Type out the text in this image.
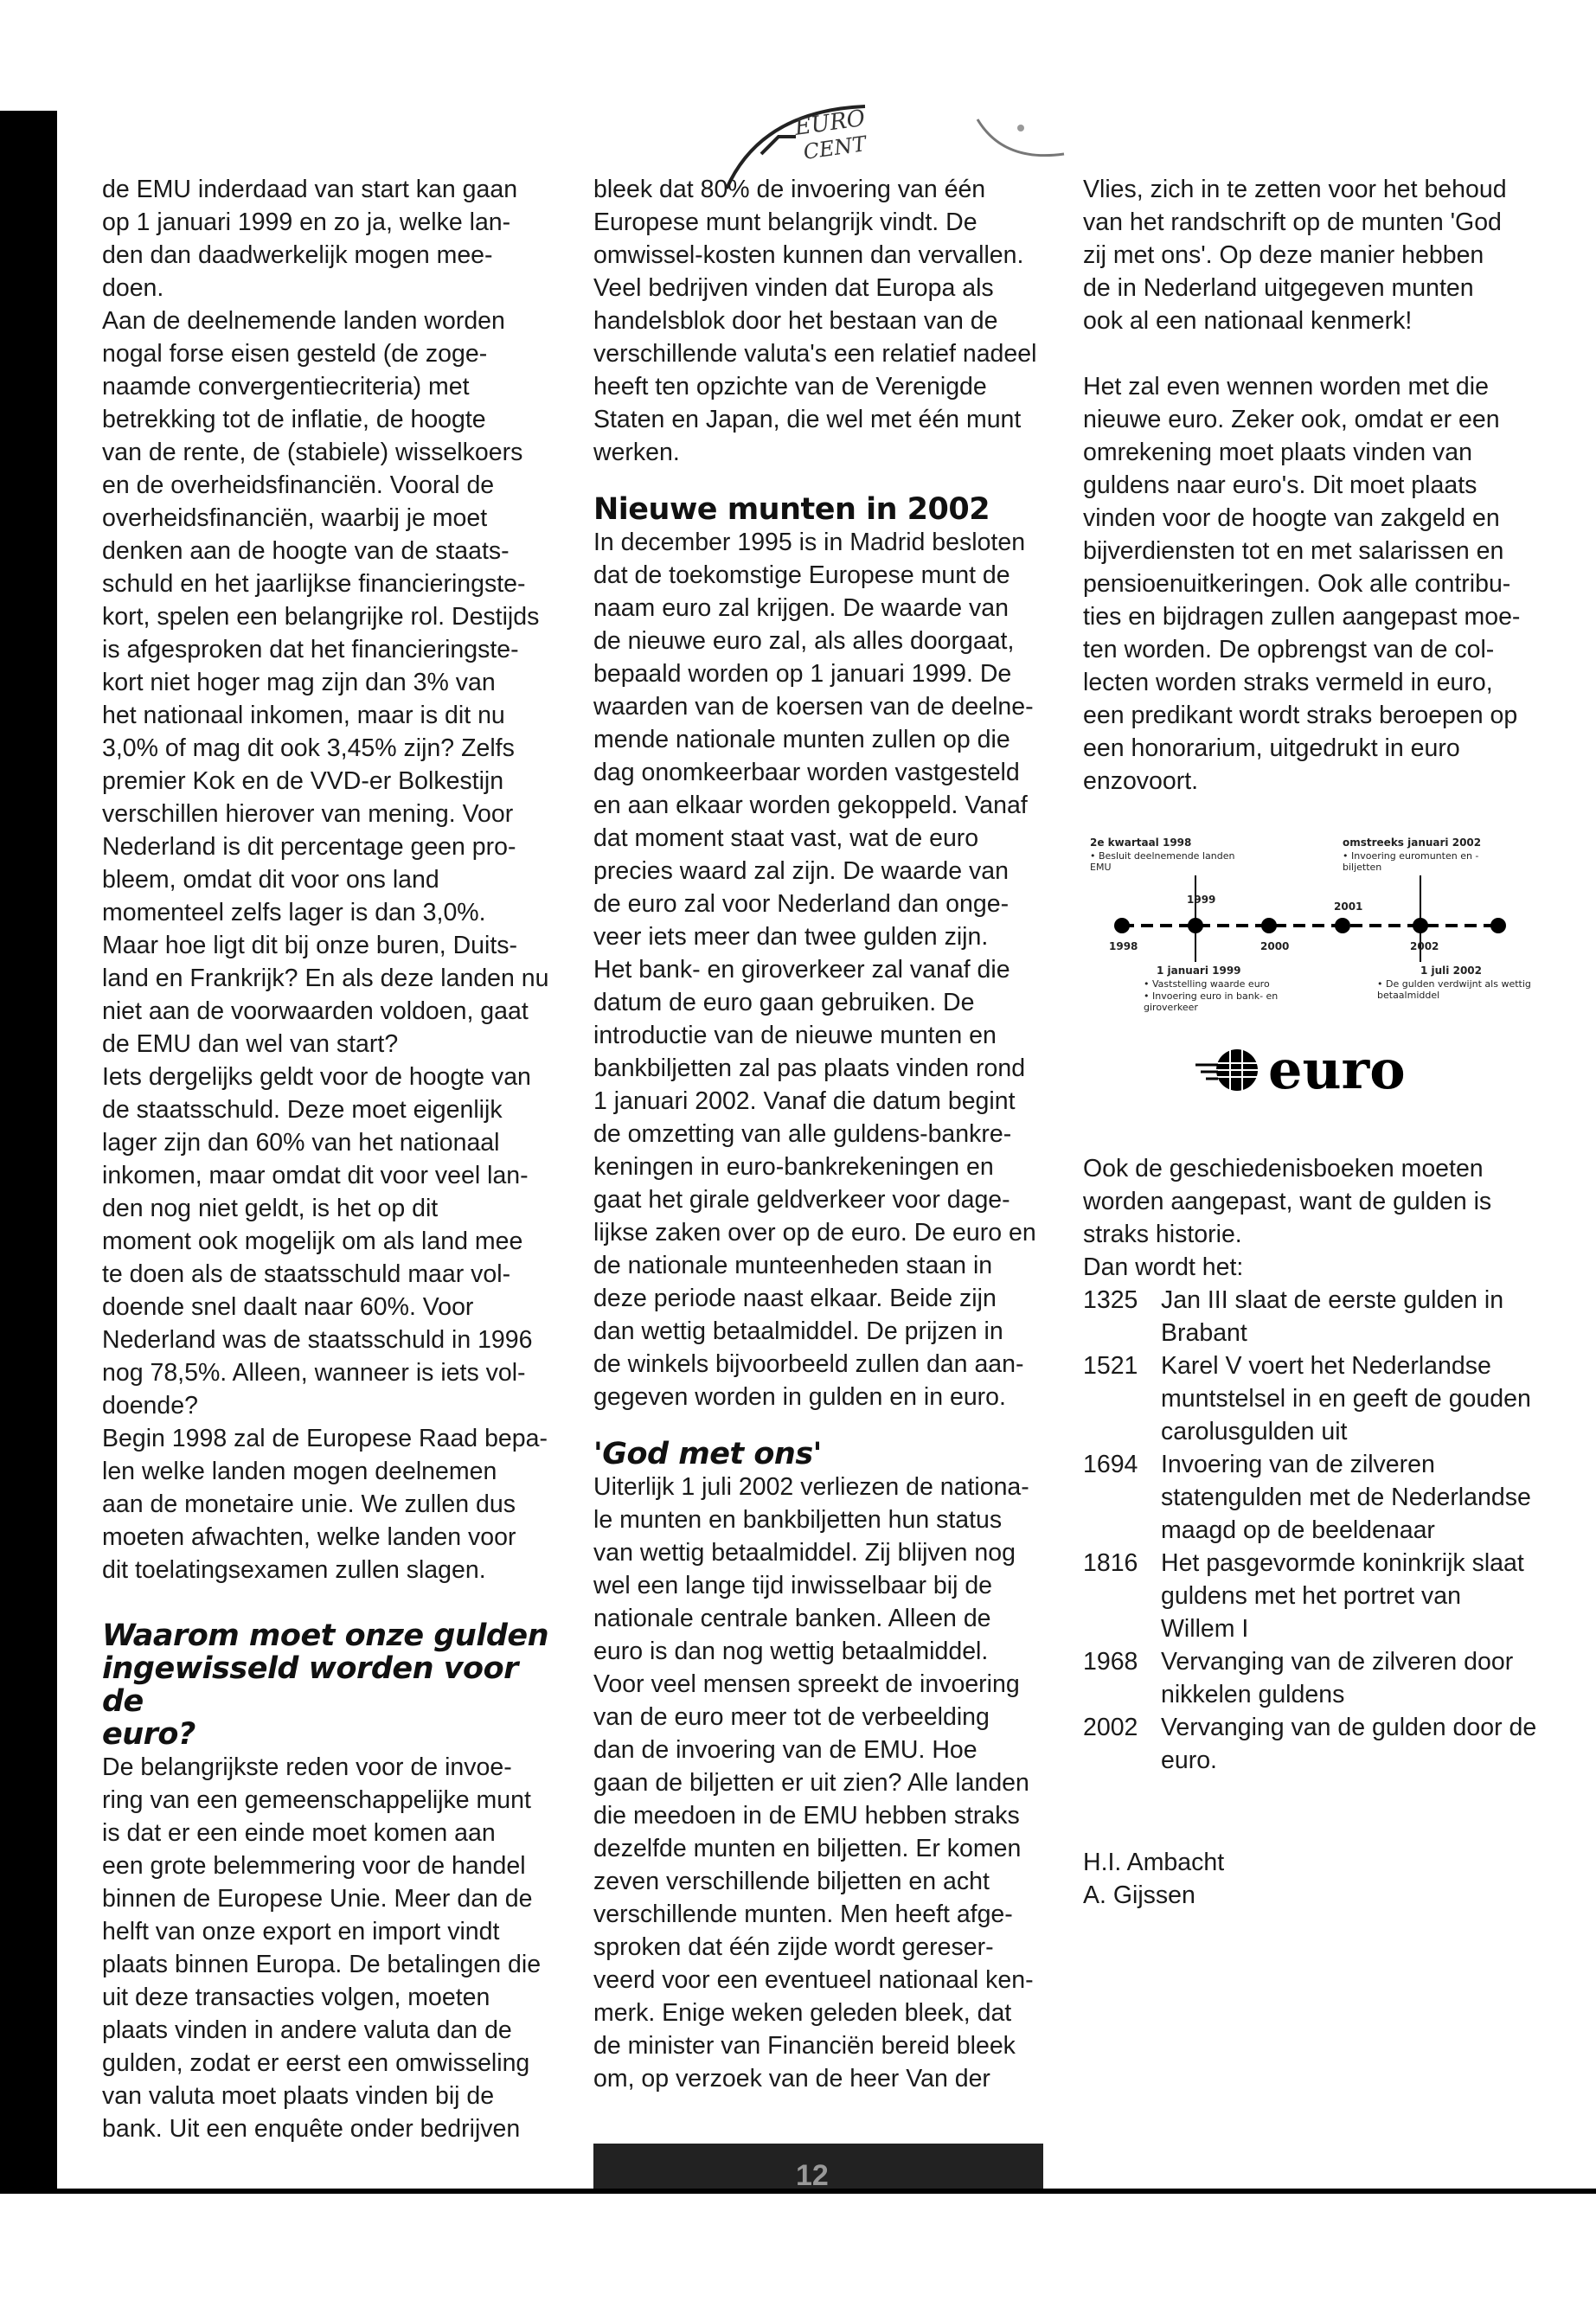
EURO
CENT

de EMU inderdaad van start kan gaan
op 1 januari 1999 en zo ja, welke lan-
den dan daadwerkelijk mogen mee-
doen.

Aan de deelnemende landen worden
nogal forse eisen gesteld (de zoge-
naamde convergentiecriteria) met
betrekking tot de inflatie, de hoogte
van de rente, de (stabiele) wisselkoers
en de overheidsfinanciën. Vooral de
overheidsfinanciën, waarbij je moet
denken aan de hoogte van de staats-
schuld en het jaarlijkse financieringste-
kort, spelen een belangrijke rol. Destijds
is afgesproken dat het financieringste-
kort niet hoger mag zijn dan 3% van
het nationaal inkomen, maar is dit nu
3,0% of mag dit ook 3,45% zijn? Zelfs
premier Kok en de VVD-er Bolkestijn
verschillen hierover van mening. Voor
Nederland is dit percentage geen pro-
bleem, omdat dit voor ons land
momenteel zelfs lager is dan 3,0%.
Maar hoe ligt dit bij onze buren, Duits-
land en Frankrijk? En als deze landen nu
niet aan de voorwaarden voldoen, gaat
de EMU dan wel van start?

Iets dergelijks geldt voor de hoogte van
de staatsschuld. Deze moet eigenlijk
lager zijn dan 60% van het nationaal
inkomen, maar omdat dit voor veel lan-
den nog niet geldt, is het op dit
moment ook mogelijk om als land mee
te doen als de staatsschuld maar vol-
doende snel daalt naar 60%. Voor
Nederland was de staatsschuld in 1996
nog 78,5%. Alleen, wanneer is iets vol-
doende?

Begin 1998 zal de Europese Raad bepa-
len welke landen mogen deelnemen
aan de monetaire unie. We zullen dus
moeten afwachten, welke landen voor
dit toelatingsexamen zullen slagen.

Waarom moet onze gulden
ingewisseld worden voor de
euro?

De belangrijkste reden voor de invoe-
ring van een gemeenschappelijke munt
is dat er een einde moet komen aan
een grote belemmering voor de handel
binnen de Europese Unie. Meer dan de
helft van onze export en import vindt
plaats binnen Europa. De betalingen die
uit deze transacties volgen, moeten
plaats vinden in andere valuta dan de
gulden, zodat er eerst een omwisseling
van valuta moet plaats vinden bij de
bank. Uit een enquête onder bedrijven

bleek dat 80% de invoering van één
Europese munt belangrijk vindt. De
omwissel-kosten kunnen dan vervallen.
Veel bedrijven vinden dat Europa als
handelsblok door het bestaan van de
verschillende valuta's een relatief nadeel
heeft ten opzichte van de Verenigde
Staten en Japan, die wel met één munt
werken.

Nieuwe munten in 2002

In december 1995 is in Madrid besloten
dat de toekomstige Europese munt de
naam euro zal krijgen. De waarde van
de nieuwe euro zal, als alles doorgaat,
bepaald worden op 1 januari 1999. De
waarden van de koersen van de deelne-
mende nationale munten zullen op die
dag onomkeerbaar worden vastgesteld
en aan elkaar worden gekoppeld. Vanaf
dat moment staat vast, wat de euro
precies waard zal zijn. De waarde van
de euro zal voor Nederland dan onge-
veer iets meer dan twee gulden zijn.
Het bank- en giroverkeer zal vanaf die
datum de euro gaan gebruiken. De
introductie van de nieuwe munten en
bankbiljetten zal pas plaats vinden rond
1 januari 2002. Vanaf die datum begint
de omzetting van alle guldens-bankre-
keningen in euro-bankrekeningen en
gaat het girale geldverkeer voor dage-
lijkse zaken over op de euro. De euro en
de nationale munteenheden staan in
deze periode naast elkaar. Beide zijn
dan wettig betaalmiddel. De prijzen in
de winkels bijvoorbeeld zullen dan aan-
gegeven worden in gulden en in euro.

'God met ons'

Uiterlijk 1 juli 2002 verliezen de nationa-
le munten en bankbiljetten hun status
van wettig betaalmiddel. Zij blijven nog
wel een lange tijd inwisselbaar bij de
nationale centrale banken. Alleen de
euro is dan nog wettig betaalmiddel.
Voor veel mensen spreekt de invoering
van de euro meer tot de verbeelding
dan de invoering van de EMU. Hoe
gaan de biljetten er uit zien? Alle landen
die meedoen in de EMU hebben straks
dezelfde munten en biljetten. Er komen
zeven verschillende biljetten en acht
verschillende munten. Men heeft afge-
sproken dat één zijde wordt gereser-
veerd voor een eventueel nationaal ken-
merk. Enige weken geleden bleek, dat
de minister van Financiën bereid bleek
om, op verzoek van de heer Van der

Vlies, zich in te zetten voor het behoud
van het randschrift op de munten 'God
zij met ons'. Op deze manier hebben
de in Nederland uitgegeven munten
ook al een nationaal kenmerk!

Het zal even wennen worden met die
nieuwe euro. Zeker ook, omdat er een
omrekening moet plaats vinden van
guldens naar euro's. Dit moet plaats
vinden voor de hoogte van zakgeld en
bijverdiensten tot en met salarissen en
pensioenuitkeringen. Ook alle contribu-
ties en bijdragen zullen aangepast moe-
ten worden. De opbrengst van de col-
lecten worden straks vermeld in euro,
een predikant wordt straks beroepen op
een honorarium, uitgedrukt in euro
enzovoort.

2e kwartaal 1998
• Besluit deelnemende landen EMU
omstreeks januari 2002
• Invoering euromunten en -biljetten
1999
2001
1998	2000	2002
1 januari 1999
• Vaststelling waarde euro
• Invoering euro in bank- en giroverkeer
1 juli 2002
• De gulden verdwijnt als wettig betaalmiddel

Ook de geschiedenisboeken moeten
worden aangepast, want de gulden is
straks historie.
Dan wordt het:

1325 Jan III slaat de eerste gulden in Brabant
1521 Karel V voert het Nederlandse muntstelsel in en geeft de gouden carolusgulden uit
1694 Invoering van de zilveren statengulden met de Nederlandse maagd op de beeldenaar
1816 Het pasgevormde koninkrijk slaat guldens met het portret van Willem I
1968 Vervanging van de zilveren door nikkelen guldens
2002 Vervanging van de gulden door de euro.

H.I. Ambacht

A. Gijssen

euro
12
